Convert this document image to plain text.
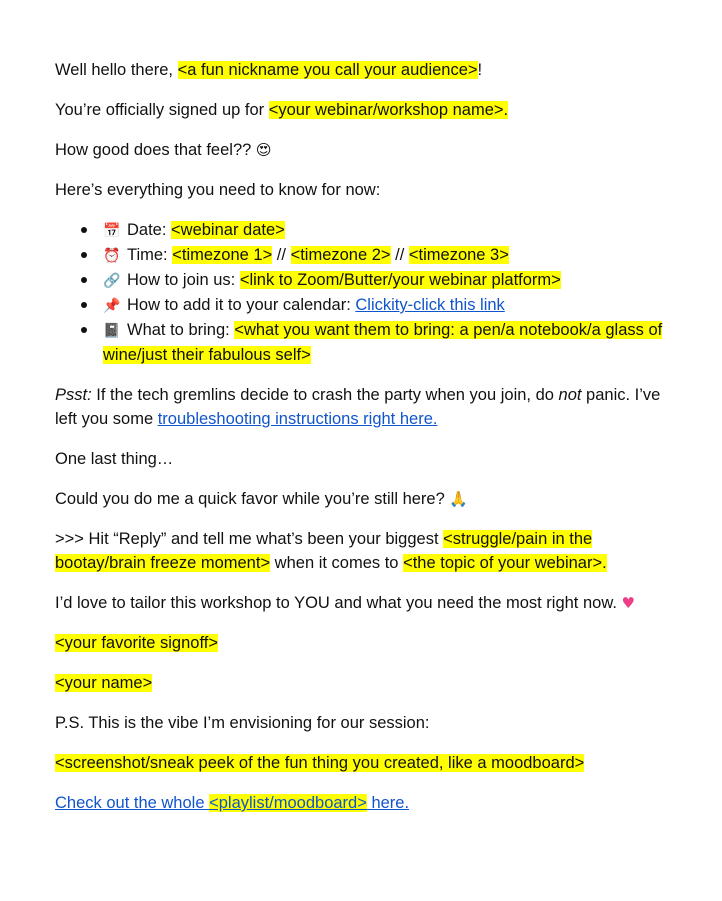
Well hello there, <a fun nickname you call your audience>!

You’re officially signed up for <your webinar/workshop name>.

How good does that feel?? 😍

Here’s everything you need to know for now:

📅 Date: <webinar date>
⏰ Time: <timezone 1> // <timezone 2> // <timezone 3>
🔗 How to join us: <link to Zoom/Butter/your webinar platform>
📌 How to add it to your calendar: Clickity-click this link
📓 What to bring: <what you want them to bring: a pen/a notebook/a glass of wine/just their fabulous self>

Psst: If the tech gremlins decide to crash the party when you join, do not panic. I’ve left you some troubleshooting instructions right here.

One last thing…

Could you do me a quick favor while you’re still here? 🙏

>>> Hit “Reply” and tell me what’s been your biggest <struggle/pain in the bootay/brain freeze moment> when it comes to <the topic of your webinar>.

I’d love to tailor this workshop to YOU and what you need the most right now. ♥

<your favorite signoff>

<your name>

P.S. This is the vibe I’m envisioning for our session:

<screenshot/sneak peek of the fun thing you created, like a moodboard>

Check out the whole <playlist/moodboard> here.
